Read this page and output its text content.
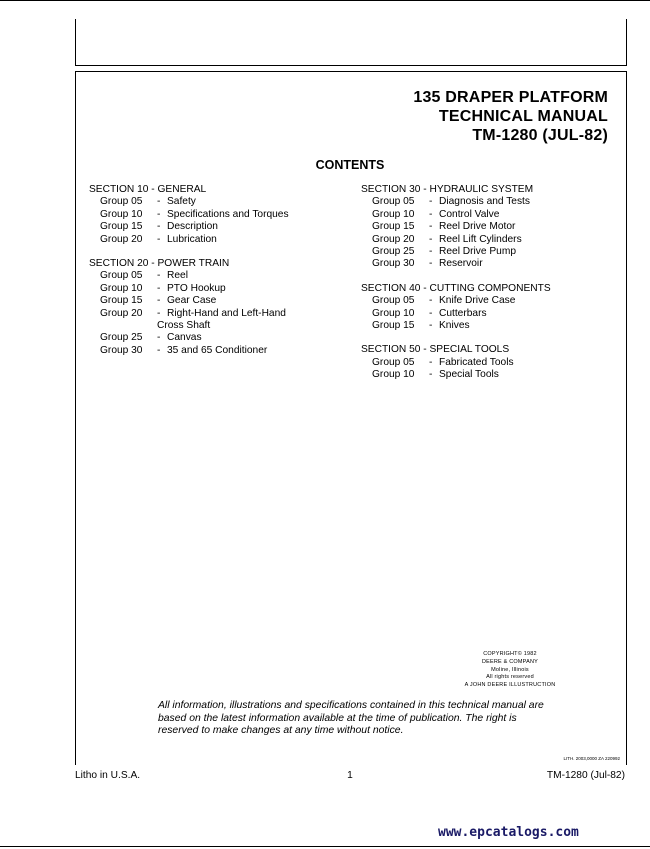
135 DRAPER PLATFORM
TECHNICAL MANUAL
TM-1280 (JUL-82)
CONTENTS
SECTION 10 - GENERAL
Group 05	- Safety
Group 10	- Specifications and Torques
Group 15	- Description
Group 20	- Lubrication
SECTION 20 - POWER TRAIN
Group 05	- Reel
Group 10	- PTO Hookup
Group 15	- Gear Case
Group 20	- Right-Hand and Left-Hand
Cross Shaft
Group 25	- Canvas
Group 30	- 35 and 65 Conditioner
SECTION 30 - HYDRAULIC SYSTEM
Group 05	- Diagnosis and Tests
Group 10	- Control Valve
Group 15	- Reel Drive Motor
Group 20	- Reel Lift Cylinders
Group 25	- Reel Drive Pump
Group 30	- Reservoir
SECTION 40 - CUTTING COMPONENTS
Group 05	- Knife Drive Case
Group 10	- Cutterbars
Group 15	- Knives
SECTION 50 - SPECIAL TOOLS
Group 05	- Fabricated Tools
Group 10	- Special Tools
COPYRIGHT© 1982
DEERE & COMPANY
Moline, Illinois
All rights reserved
A JOHN DEERE ILLUSTRUCTION
All information, illustrations and specifications contained in this technical manual are based on the latest information available at the time of publication. The right is reserved to make changes at any time without notice.
LITH. 2003,0000 ZA 220992
Litho in U.S.A.	1	TM-1280 (Jul-82)
www.epcatalogs.com
